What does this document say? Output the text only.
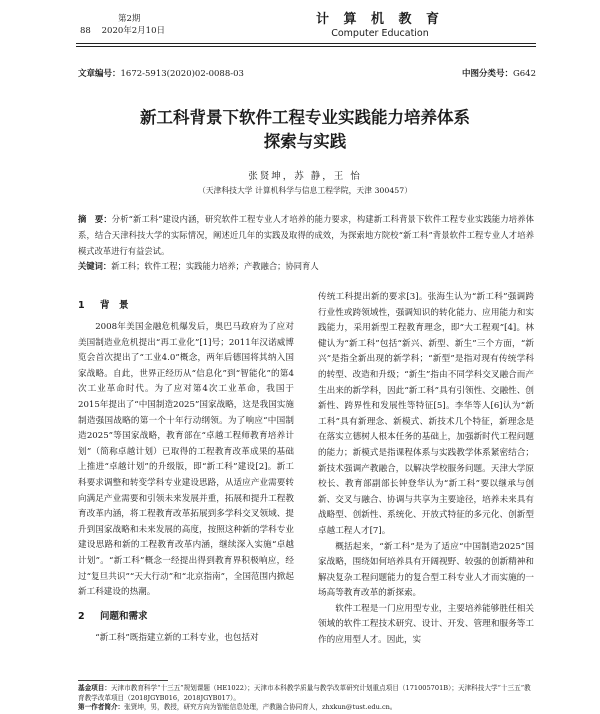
第2期
88    2020年2月10日
计 算 机 教 育
Computer Education
文章编号：1672-5913(2020)02-0088-03	中图分类号：G642
新工科背景下软件工程专业实践能力培养体系
探索与实践
张贤坤，苏 静，王 怡
（天津科技大学 计算机科学与信息工程学院，天津 300457）
摘　要：分析“新工科”建设内涵，研究软件工程专业人才培养的能力要求，构建新工科背景下软件工程专业实践能力培养体系，结合天津科技大学的实际情况，阐述近几年的实践及取得的成效，为探索地方院校“新工科”背景软件工程专业人才培养模式改革进行有益尝试。
关键词：新工科；软件工程；实践能力培养；产教融合；协同育人
1 背　景

2008年美国金融危机爆发后，奥巴马政府为了应对美国制造业危机提出“再工业化”[1]号；2011年汉诺威博览会首次提出了“工业4.0”概念，两年后德国将其纳入国家战略。自此，世界正经历从“信息化”到“智能化”的第4次工业革命时代。为了应对第4次工业革命，我国于2015年提出了“中国制造2025”国家战略，这是我国实施制造强国战略的第一个十年行动纲领。为了响应“中国制造2025”等国家战略，教育部在“卓越工程师教育培养计划”（简称卓越计划）已取得的工程教育改革成果的基础上推进“卓越计划”的升级版，即“新工科”建设[2]。新工科要求调整和转变学科专业建设思路，从适应产业需要转向满足产业需要和引领未来发展并重，拓展和提升工程教育改革内涵，将工程教育改革拓展到多学科交叉领域、提升到国家战略和未来发展的高度，按照这种新的学科专业建设思路和新的工程教育改革内涵，继续深入实施“卓越计划”。“新工科”概念一经提出得到教育界积极响应，经过“复旦共识”“天大行动”和“北京指南”，全国范围内掀起新工科建设的热潮。

2 问题和需求

“新工科”既指建立新的工科专业，也包括对

传统工科提出新的要求[3]。张海生认为“新工科”强调跨行业性或跨领域性，强调知识的转化能力、应用能力和实践能力，采用新型工程教育理念，即“大工程观”[4]。林健认为“新工科”包括“新兴、新型、新生”三个方面，“新兴”是指全新出现的新学科；“新型”是指对现有传统学科的转型、改造和升级；“新生”指由不同学科交叉融合而产生出来的新学科，因此“新工科”具有引领性、交融性、创新性、跨界性和发展性等特征[5]。李华等人[6]认为“新工科”具有新理念、新模式、新技术几个特征，新理念是在落实立德树人根本任务的基础上，加强新时代工程问题的能力；新模式是指课程体系与实践教学体系紧密结合；新技术强调产教融合，以解决学校服务问题。天津大学原校长、教育部副部长钟登华认为“新工科”要以继承与创新、交叉与融合、协调与共享为主要途径，培养未来具有战略型、创新性、系统化、开放式特征的多元化、创新型卓越工程人才[7]。

概括起来，“新工科”是为了适应“中国制造2025”国家战略，围绕如何培养具有开阔视野、较强的创新精神和解决复杂工程问题能力的复合型工科专业人才而实施的一场高等教育改革的新探索。

软件工程是一门应用型专业，主要培养能够胜任相关领域的软件工程技术研究、设计、开发、管理和服务等工作的应用型人才。因此，实

基金项目：天津市教育科学“十三五”规划课题（HE1022）；天津市本科教学质量与教学改革研究计划重点项目（171005701B）；天津科技大学“十三五”教育教学改革项目（2018JGYB016，2018JGYB017）。
第一作者简介：张贤坤，男，教授，研究方向为智能信息处理，产教融合协同育人，zhxkun@tust.edu.cn。
